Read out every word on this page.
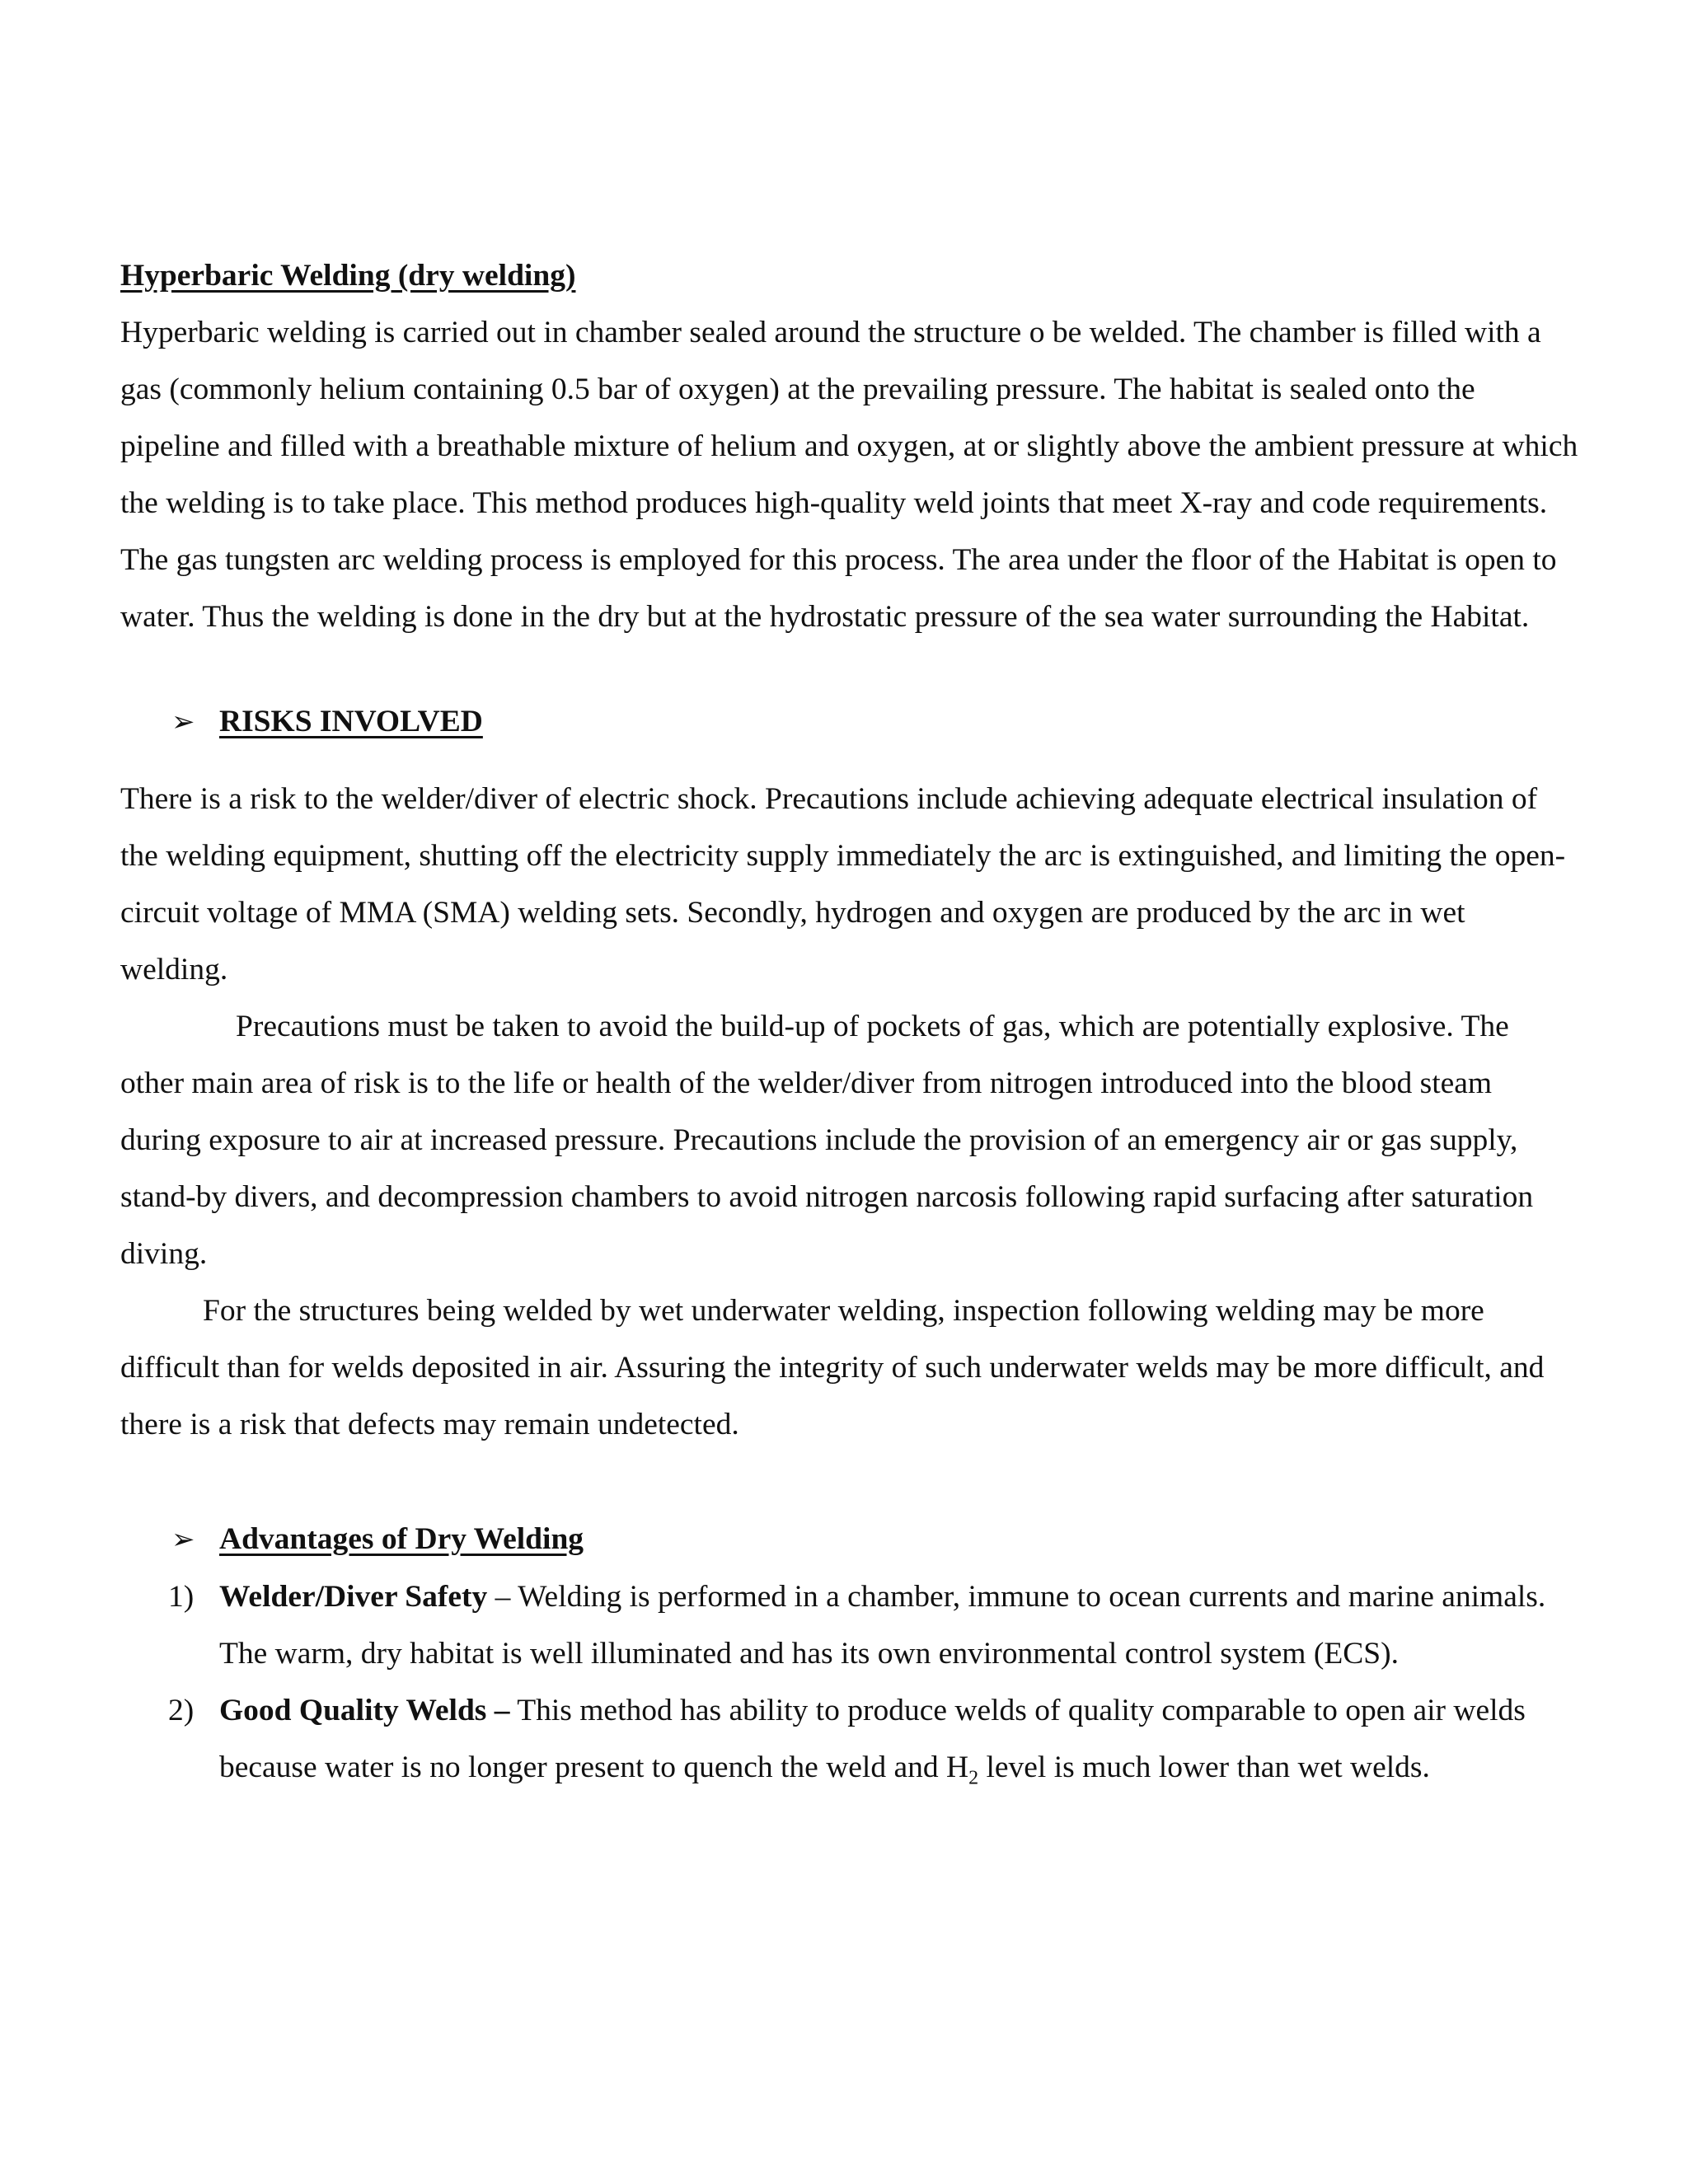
Hyperbaric Welding (dry welding)

Hyperbaric welding is carried out in chamber sealed around the structure o be welded. The chamber is filled with a gas (commonly helium containing 0.5 bar of oxygen) at the prevailing pressure. The habitat is sealed onto the pipeline and filled with a breathable mixture of helium and oxygen, at or slightly above the ambient pressure at which the welding is to take place. This method produces high-quality weld joints that meet X-ray and code requirements. The gas tungsten arc welding process is employed for this process. The area under the floor of the Habitat is open to water. Thus the welding is done in the dry but at the hydrostatic pressure of the sea water surrounding the Habitat.

➢ RISKS INVOLVED

There is a risk to the welder/diver of electric shock. Precautions include achieving adequate electrical insulation of the welding equipment, shutting off the electricity supply immediately the arc is extinguished, and limiting the open-circuit voltage of MMA (SMA) welding sets. Secondly, hydrogen and oxygen are produced by the arc in wet welding.

Precautions must be taken to avoid the build-up of pockets of gas, which are potentially explosive. The other main area of risk is to the life or health of the welder/diver from nitrogen introduced into the blood steam during exposure to air at increased pressure. Precautions include the provision of an emergency air or gas supply, stand-by divers, and decompression chambers to avoid nitrogen narcosis following rapid surfacing after saturation diving.

For the structures being welded by wet underwater welding, inspection following welding may be more difficult than for welds deposited in air. Assuring the integrity of such underwater welds may be more difficult, and there is a risk that defects may remain undetected.

➢ Advantages of Dry Welding
1) Welder/Diver Safety – Welding is performed in a chamber, immune to ocean currents and marine animals. The warm, dry habitat is well illuminated and has its own environmental control system (ECS).
2) Good Quality Welds – This method has ability to produce welds of quality comparable to open air welds because water is no longer present to quench the weld and $H_2$ level is much lower than wet welds.
